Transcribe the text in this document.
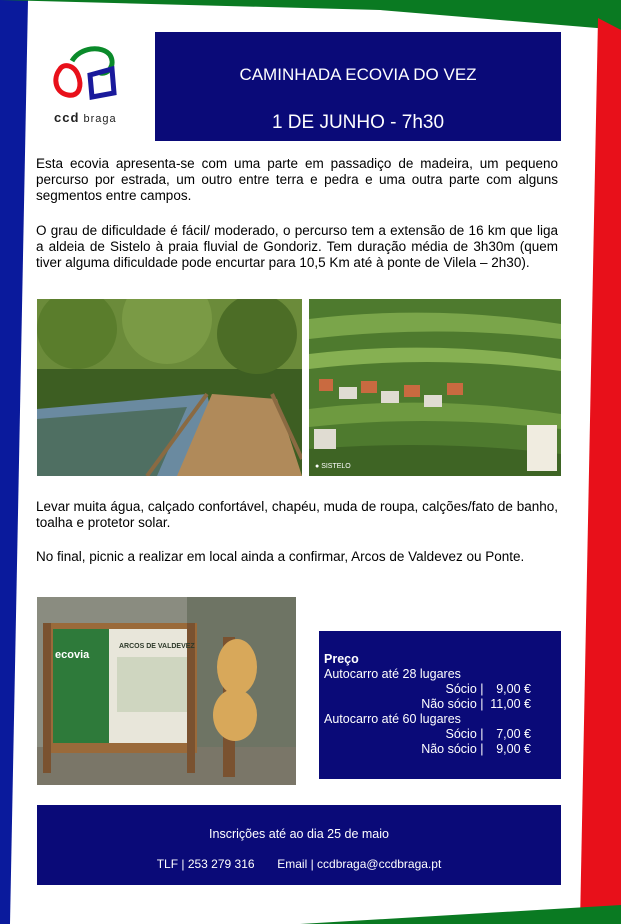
ccd braga
CAMINHADA ECOVIA DO VEZ
1 DE JUNHO - 7h30
Esta ecovia apresenta-se com uma parte em passadiço de madeira, um pequeno percurso por estrada, um outro entre terra e pedra e uma outra parte com alguns segmentos entre campos.
O grau de dificuldade é fácil/ moderado, o percurso tem a extensão de 16 km que liga a aldeia de Sistelo à praia fluvial de Gondoriz. Tem duração média de 3h30m (quem tiver alguma dificuldade pode encurtar para 10,5 Km até à ponte de Vilela – 2h30).
● SISTELO
Levar muita água, calçado confortável, chapéu, muda de roupa, calções/fato de banho, toalha e protetor solar.
No final, picnic a realizar em local ainda a confirmar, Arcos de Valdevez ou Ponte.
ecovia
ARCOS DE VALDEVEZ
Preço
Autocarro até 28 lugares
Sócio | 9,00 €
Não sócio | 11,00 €
Autocarro até 60 lugares
Sócio | 7,00 €
Não sócio | 9,00 €
Inscrições até ao dia 25 de maio
TLF | 253 279 316 Email | ccdbraga@ccdbraga.pt
